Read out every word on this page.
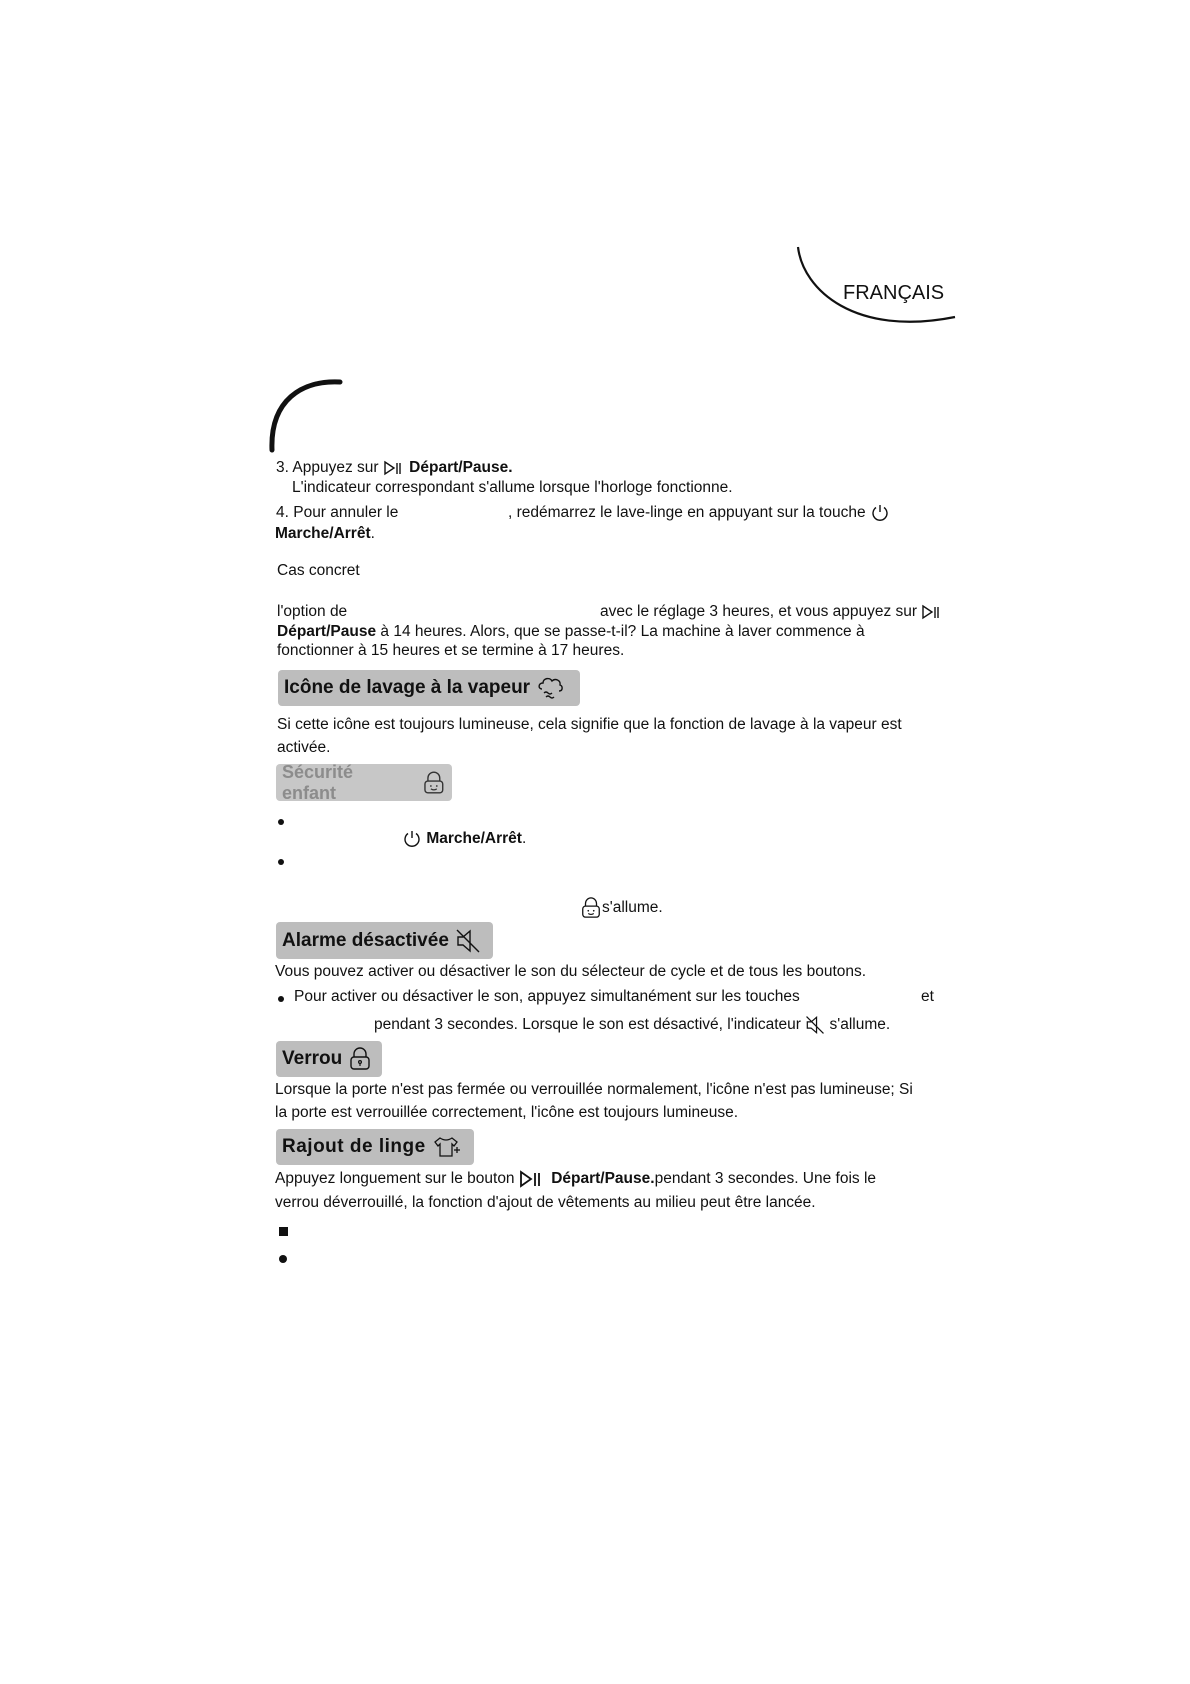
FRANÇAIS
3. Appuyez sur Départ/Pause.
L'indicateur correspondant s'allume lorsque l'horloge fonctionne.
4. Pour annuler le	, redémarrez le lave-linge en appuyant sur la touche
Marche/Arrêt.
Cas concret
l'option de	avec le réglage 3 heures, et vous appuyez sur
Départ/Pause à 14 heures. Alors, que se passe-t-il? La machine à laver commence à
fonctionner à 15 heures et se termine à 17 heures.
Icône de lavage à la vapeur
Si cette icône est toujours lumineuse, cela signifie que la fonction de lavage à la vapeur est
activée.
Sécurité enfant
Marche/Arrêt.
s'allume.
Alarme désactivée
Vous pouvez activer ou désactiver le son du sélecteur de cycle et de tous les boutons.
Pour activer ou désactiver le son, appuyez simultanément sur les touches	et
pendant 3 secondes. Lorsque le son est désactivé, l'indicateur s'allume.
Verrou
Lorsque la porte n'est pas fermée ou verrouillée normalement, l'icône n'est pas lumineuse; Si
la porte est verrouillée correctement, l'icône est toujours lumineuse.
Rajout de linge
Appuyez longuement sur le bouton Départ/Pause.pendant 3 secondes. Une fois le
verrou déverrouillé, la fonction d'ajout de vêtements au milieu peut être lancée.
